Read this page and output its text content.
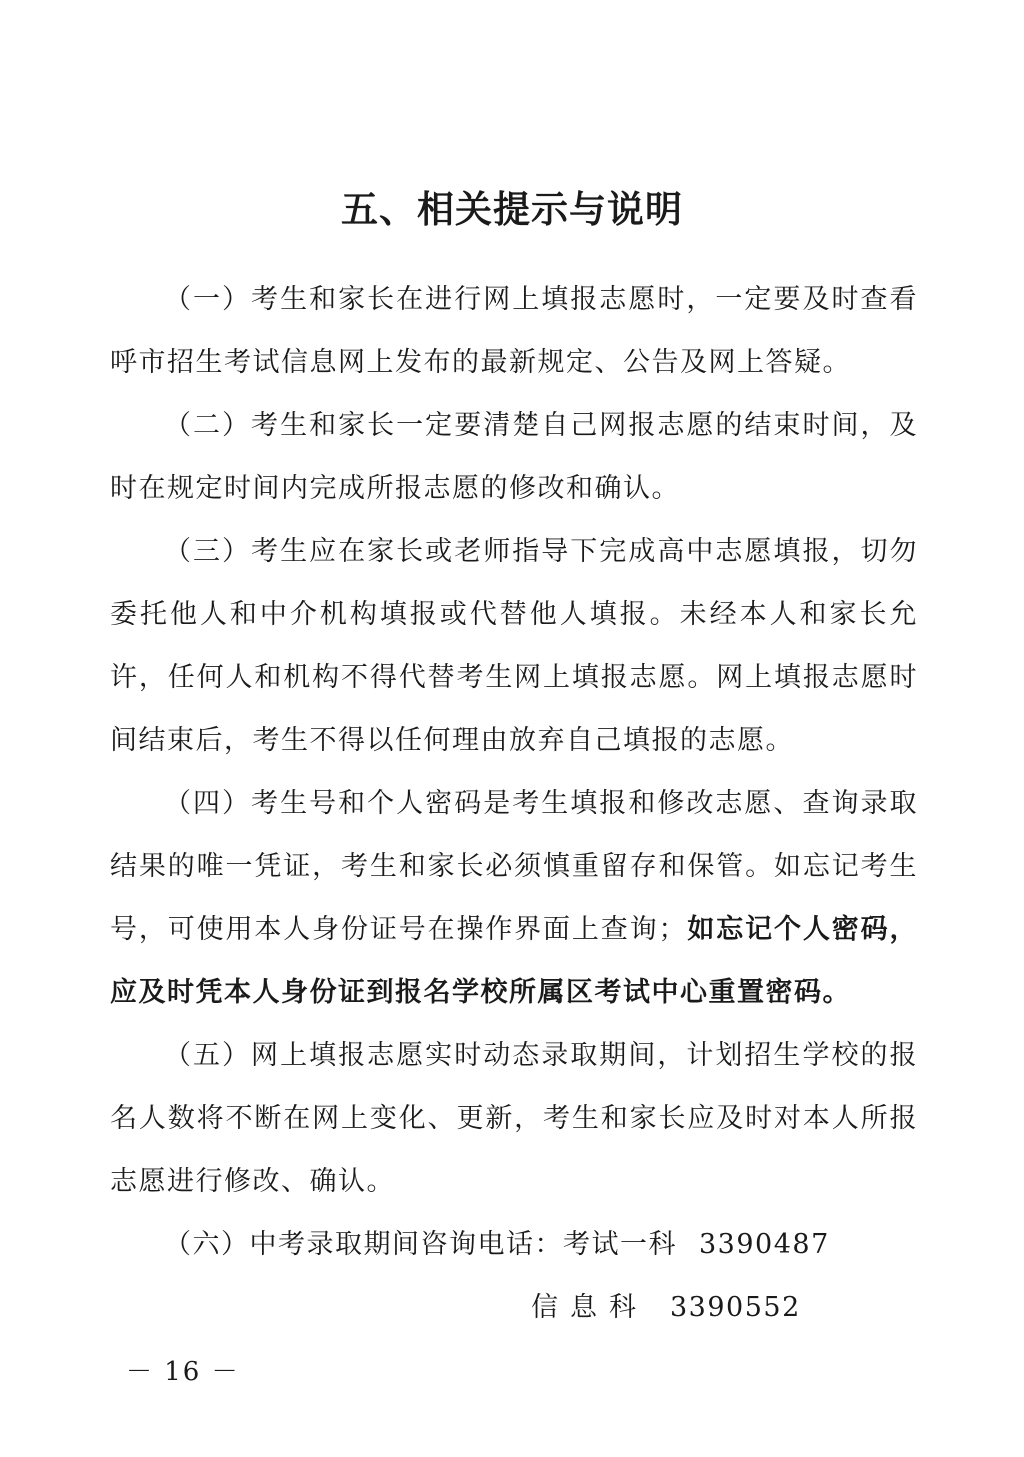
五、相关提示与说明

（一）考生和家长在进行网上填报志愿时，一定要及时查看呼市招生考试信息网上发布的最新规定、公告及网上答疑。

（二）考生和家长一定要清楚自己网报志愿的结束时间，及时在规定时间内完成所报志愿的修改和确认。

（三）考生应在家长或老师指导下完成高中志愿填报，切勿委托他人和中介机构填报或代替他人填报。未经本人和家长允许，任何人和机构不得代替考生网上填报志愿。网上填报志愿时间结束后，考生不得以任何理由放弃自己填报的志愿。

（四）考生号和个人密码是考生填报和修改志愿、查询录取结果的唯一凭证，考生和家长必须慎重留存和保管。如忘记考生号，可使用本人身份证号在操作界面上查询；如忘记个人密码，应及时凭本人身份证到报名学校所属区考试中心重置密码。

（五）网上填报志愿实时动态录取期间，计划招生学校的报名人数将不断在网上变化、更新，考生和家长应及时对本人所报志愿进行修改、确认。

（六）中考录取期间咨询电话：考试一科 3390487

信息科 3390552

－ 16 －
